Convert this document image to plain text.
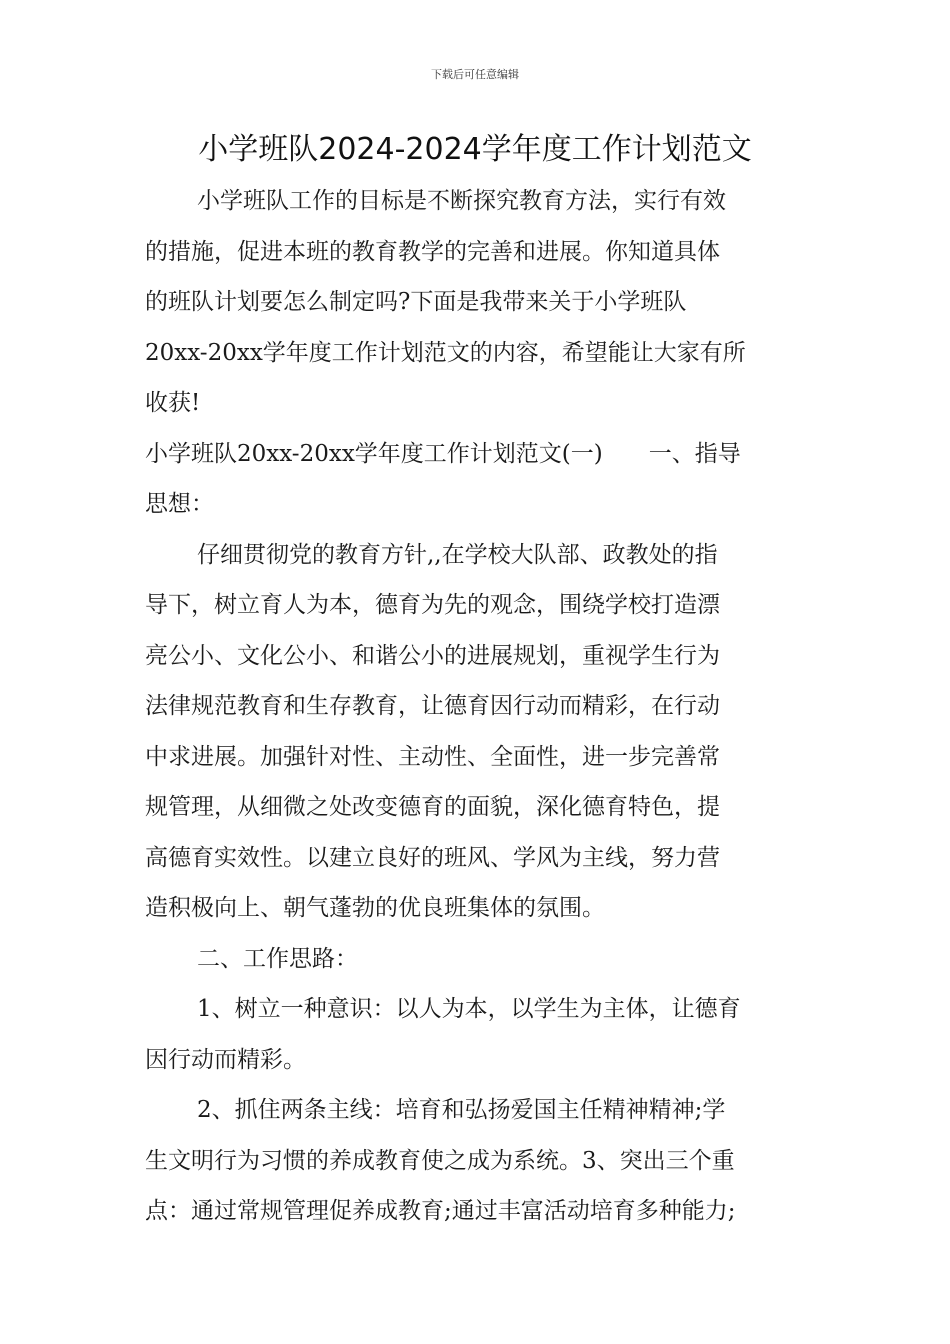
下载后可任意编辑
小学班队2024-2024学年度工作计划范文
小学班队工作的目标是不断探究教育方法，实行有效
的措施，促进本班的教育教学的完善和进展。你知道具体
的班队计划要怎么制定吗?下面是我带来关于小学班队
20xx-20xx学年度工作计划范文的内容，希望能让大家有所
收获!
小学班队20xx-20xx学年度工作计划范文(一)　　一、指导
思想：
仔细贯彻党的教育方针,,在学校大队部、政教处的指
导下，树立育人为本，德育为先的观念，围绕学校打造漂
亮公小、文化公小、和谐公小的进展规划，重视学生行为
法律规范教育和生存教育，让德育因行动而精彩，在行动
中求进展。加强针对性、主动性、全面性，进一步完善常
规管理，从细微之处改变德育的面貌，深化德育特色，提
高德育实效性。以建立良好的班风、学风为主线，努力营
造积极向上、朝气蓬勃的优良班集体的氛围。
二、工作思路：
1、树立一种意识：以人为本，以学生为主体，让德育
因行动而精彩。
2、抓住两条主线：培育和弘扬爱国主任精神精神;学
生文明行为习惯的养成教育使之成为系统。3、突出三个重
点：通过常规管理促养成教育;通过丰富活动培育多种能力;
